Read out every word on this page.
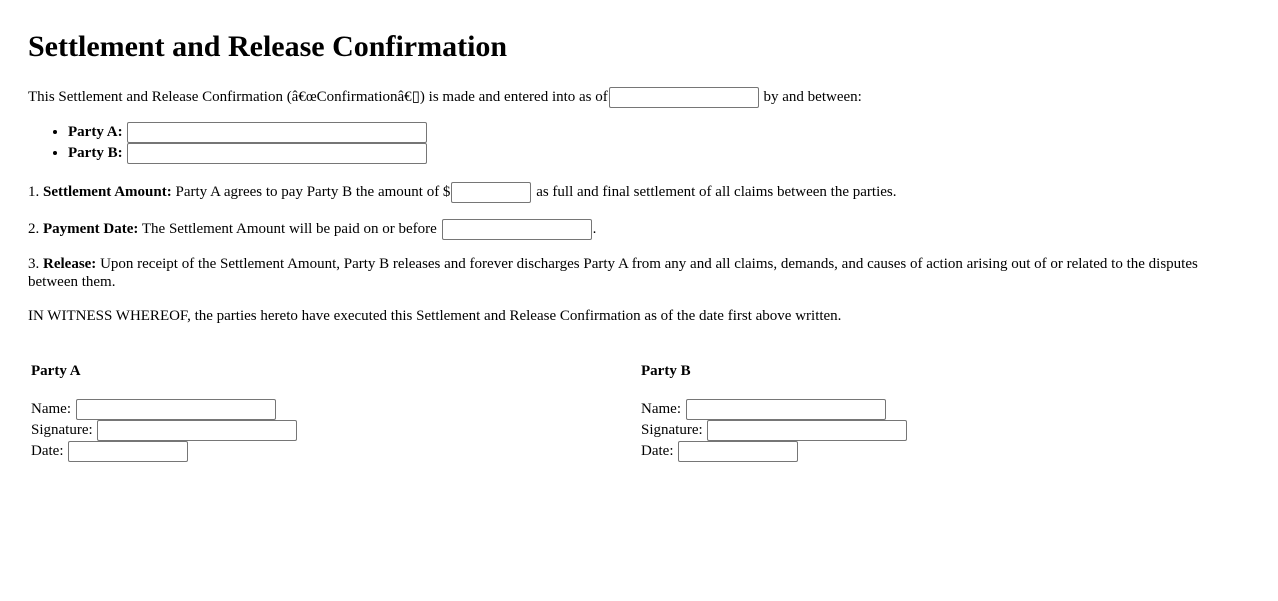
Settlement and Release Confirmation
This Settlement and Release Confirmation (â€œConfirmationâ€▯) is made and entered into as of	by and between:
• Party A:
• Party B:
1. Settlement Amount: Party A agrees to pay Party B the amount of $	as full and final settlement of all claims between the parties.
2. Payment Date: The Settlement Amount will be paid on or before	.
3. Release: Upon receipt of the Settlement Amount, Party B releases and forever discharges Party A from any and all claims, demands, and causes of action arising out of or related to the disputes between them.
IN WITNESS WHEREOF, the parties hereto have executed this Settlement and Release Confirmation as of the date first above written.
Party A
Name:
Signature:
Date:
Party B
Name:
Signature:
Date:
